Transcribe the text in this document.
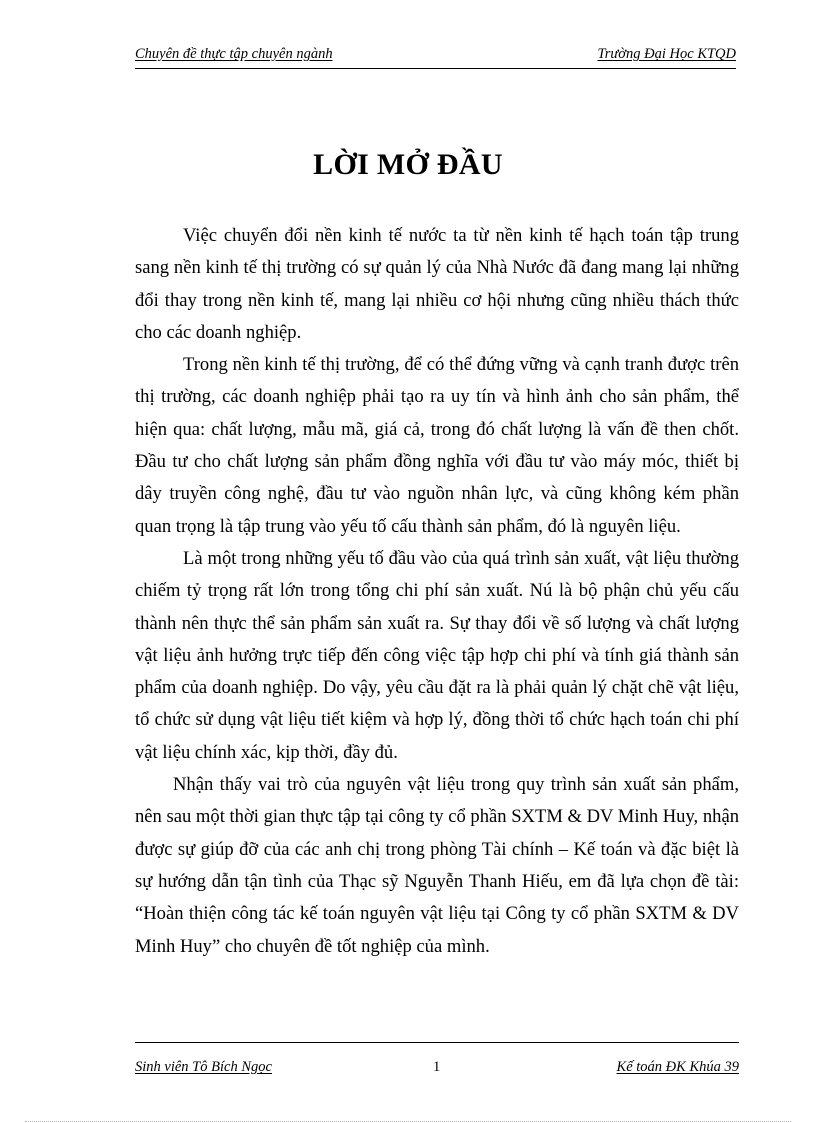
Chuyên đề thực tập chuyên ngành	Trường Đại Học KTQD
LỜI MỞ ĐẦU

Việc chuyển đổi nền kinh tế nước ta từ nền kinh tế hạch toán tập trung sang nền kinh tế thị trường có sự quản lý của Nhà Nước đã đang mang lại những đổi thay trong nền kinh tế, mang lại nhiều cơ hội nhưng cũng nhiều thách thức cho các doanh nghiệp.

Trong nền kinh tế thị trường, để có thể đứng vững và cạnh tranh được trên thị trường, các doanh nghiệp phải tạo ra uy tín và hình ảnh cho sản phẩm, thể hiện qua: chất lượng, mẫu mã, giá cả, trong đó chất lượng là vấn đề then chốt. Đầu tư cho chất lượng sản phẩm đồng nghĩa với đầu tư vào máy móc, thiết bị dây truyền công nghệ, đầu tư vào nguồn nhân lực, và cũng không kém phần quan trọng là tập trung vào yếu tố cấu thành sản phẩm, đó là nguyên liệu.

Là một trong những yếu tố đầu vào của quá trình sản xuất, vật liệu thường chiếm tỷ trọng rất lớn trong tổng chi phí sản xuất. Nú là bộ phận chủ yếu cấu thành nên thực thể sản phẩm sản xuất ra. Sự thay đổi về số lượng và chất lượng vật liệu ảnh hưởng trực tiếp đến công việc tập hợp chi phí và tính giá thành sản phẩm của doanh nghiệp. Do vậy, yêu cầu đặt ra là phải quản lý chặt chẽ vật liệu, tổ chức sử dụng vật liệu tiết kiệm và hợp lý, đồng thời tổ chức hạch toán chi phí vật liệu chính xác, kịp thời, đầy đủ.

Nhận thấy vai trò của nguyên vật liệu trong quy trình sản xuất sản phẩm, nên sau một thời gian thực tập tại công ty cổ phần SXTM & DV Minh Huy, nhận được sự giúp đỡ của các anh chị trong phòng Tài chính – Kế toán và đặc biệt là sự hướng dẫn tận tình của Thạc sỹ Nguyễn Thanh Hiếu, em đã lựa chọn đề tài: “Hoàn thiện công tác kế toán nguyên vật liệu tại Công ty cổ phần SXTM & DV Minh Huy” cho chuyên đề tốt nghiệp của mình.

Sinh viên Tô Bích Ngọc	1	Kế toán ĐK Khúa 39
